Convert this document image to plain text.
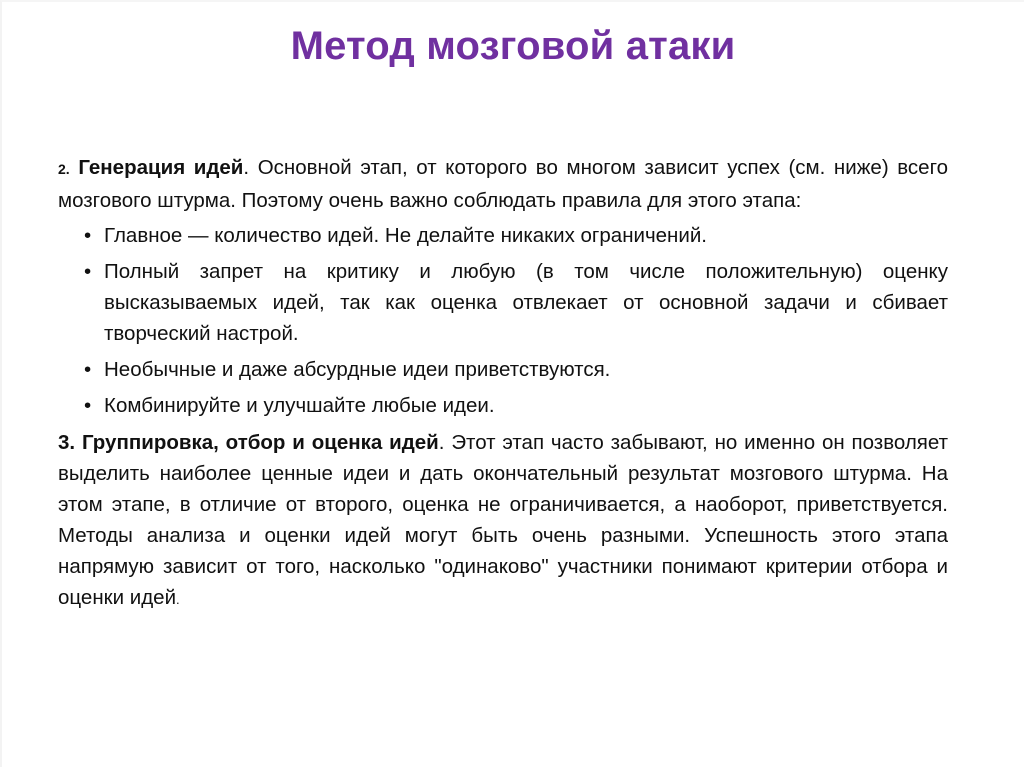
Метод мозговой атаки

2. Генерация идей. Основной этап, от которого во многом зависит успех (см. ниже) всего мозгового штурма. Поэтому очень важно соблюдать правила для этого этапа:

• Главное — количество идей. Не делайте никаких ограничений.
• Полный запрет на критику и любую (в том числе положительную) оценку высказываемых идей, так как оценка отвлекает от основной задачи и сбивает творческий настрой.
• Необычные и даже абсурдные идеи приветствуются.
• Комбинируйте и улучшайте любые идеи.

3. Группировка, отбор и оценка идей. Этот этап часто забывают, но именно он позволяет выделить наиболее ценные идеи и дать окончательный результат мозгового штурма. На этом этапе, в отличие от второго, оценка не ограничивается, а наоборот, приветствуется. Методы анализа и оценки идей могут быть очень разными. Успешность этого этапа напрямую зависит от того, насколько "одинаково" участники понимают критерии отбора и оценки идей.
